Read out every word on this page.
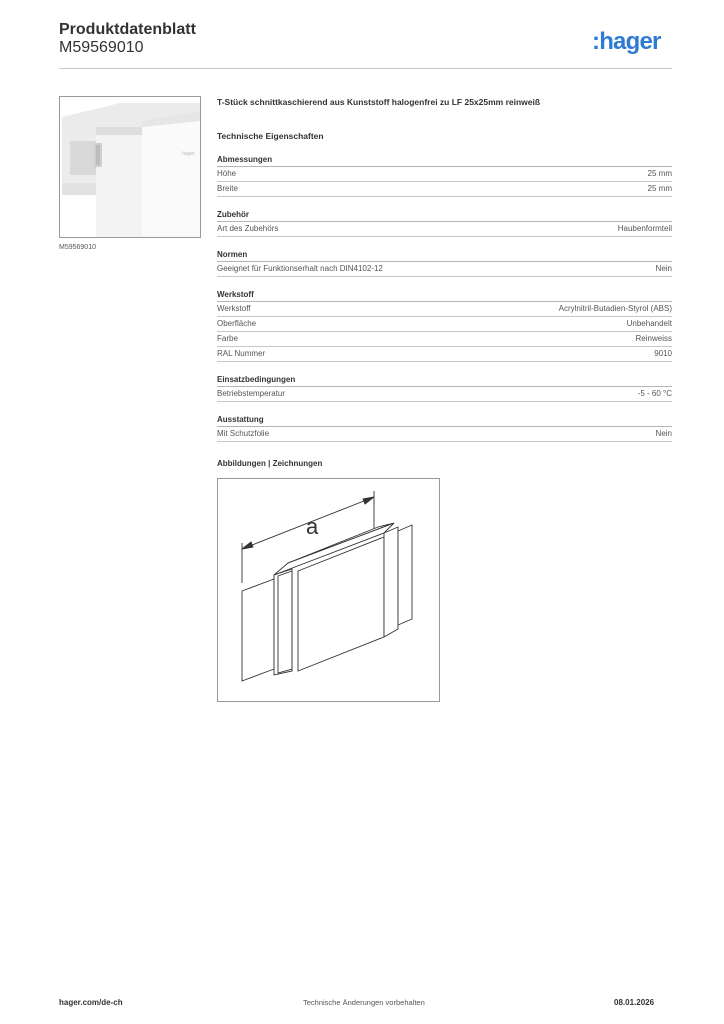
Produktdatenblatt
M59569010	:hager
hager
M59569010
T-Stück schnittkaschierend aus Kunststoff halogenfrei zu LF 25x25mm reinweiß
Technische Eigenschaften
Abmessungen
Höhe	25 mm
Breite	25 mm
Zubehör
Art des Zubehörs	Haubenformteil
Normen
Geeignet für Funktionserhalt nach DIN4102-12	Nein
Werkstoff
Werkstoff	Acrylnitril-Butadien-Styrol (ABS)
Oberfläche	Unbehandelt
Farbe	Reinweiss
RAL Nummer	9010
Einsatzbedingungen
Betriebstemperatur	-5 - 60 °C
Ausstattung
Mit Schutzfolie	Nein
Abbildungen | Zeichnungen
a
hager.com/de-ch	Technische Änderungen vorbehalten	08.01.2026
